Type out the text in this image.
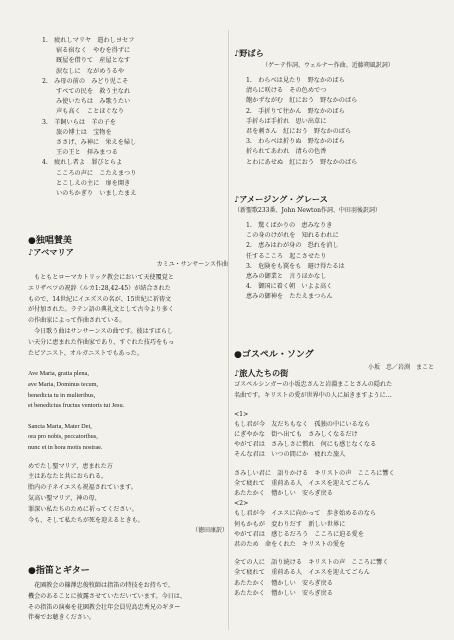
1.　疲れしマリヤ　遣わしヨセフ
宿る宿なく　やむを得ずに
厩屋を借りて　産屋となす
涙なしに　ながめうるや
2.　み母の前の　みどり児こそ
すべての民を　救う主なれ
み使いたちは　み歌うたい
声も高く　ことほぐなり
3.　羊飼いらは　羊の子を
旅の博士は　宝物を
ささげ、み神に　栄えを帰し
王の王と　拝みまつる
4.　疲れし者よ　罪びとらよ
こころの声に　こたえまつり
とこしえの主に　扉を開き
いのちかぎり　いましたまえ
●独唱賛美
♪アベマリア
カミユ・サンサーンス作曲
もともとローマカトリック教会において天使覆覚と
エリザベツの祝辞（ルカ1:28,42-45）が結合された
もので、14世紀にイエズスの名が、15世紀に祈祷文
が付加された。ラテン語の典礼文として古今より多く
の作曲家によって作曲されている。
今日歌う曲はサンサーンスの曲です。彼はすばらし
い天分に恵まれた作曲家であり、すぐれた技巧をもっ
たピアニスト、オルガニストでもあった。
Ave Maria, gratia plena,
ave Maria, Dominus tecum,
benedicta tu in mulieribus,
et benedictus fructus ventoris tui Jesu.
Sancta Maria, Mater Dei,
ora pro nobis, peccatoribus,
nunc et in hora motis nostrae.
めでたし聖マリア、恵まれた方
主はあなたと共におられる。
胎内の子ネイエスも祝福されています。
気高い聖マリア、神の母、
罪深い私たちのために祈ってください。
今も、そして私たちが死を迎えるときも。
（徳田康訳）
●指笛とギター
花園教会の篠澤忠俊牧師は指笛の特技をお持ちで、
機会のあることに披露させていただいています。今日は、
その指笛の演奏を花園教会壮年会員児島忠秀兄のギター
伴奏でお聴きください。
♪野ばら
（ゲーテ作詞、ウェルナー作曲、近藤朔風訳詞）
1.　わらべは見たり　野なかのばら
清らに咲ける　その色めでつ
飽かずながむ　紅におう　野なかのばら
2.　手折りて往かん　野なかのばら
手折らば手折れ　思い出草に
君を刺さん　紅におう　野なかのばら
3.　わらべは折りぬ　野なかのばら
折られてあわれ　清らの色香
とわにあせぬ　紅におう　野なかのばら
♪アメージング・グレース
（新聖歌233番、John Newton作詞、中田羽後訳詞）
1.　驚くばかりの　恵みなりき
この身のけがれを　知れるわれに
2.　恵みはわが身の　恐れを消し
任するこころ　起こさせたり
3.　危険をも罠をも　避け得たるは
恵みの御業と　言うほかなし
4.　御国に着く朝　いよよ高く
恵みの御神を　たたえまつらん
●ゴスペル・ソング
♪旅人たちの街
小坂　忠／岩渕　まこと
ゴスペルシンガーの小坂忠さんと岩淵まことさんの隠れた
名曲です。キリストの愛が世界中の人に届きますように…
<1>
もし君が今　友だちもなく　孤独の中にいるなら
にぎやかな　街へ出ても　さみしくなるだけ
やがて君は　さみしさに慣れ　何にも感じなくなる
そんな君は　いつの間にか　疲れた旅人
さみしい君に　語りかける　キリストの声　こころに響く
全て疲れて　重荷ある人　イエスを迎えてごらん
あたたかく　憎かしい　安らぎ戻る
<2>
もし君が今　イエスに向かって　歩き始めるのなら
何もかもが　変わりだす　新しい世界に
やがて君は　感じるだろう　こころに迫る愛を
君のため　命をくれた　キリストの愛を
全ての人に　語り続ける　キリストの声　こころに響く
全て疲れて　重荷ある人　イエスを迎えてごらん
あたたかく　憎かしい　安らぎ戻る
あたたかく　憎かしい　安らぎ戻る
